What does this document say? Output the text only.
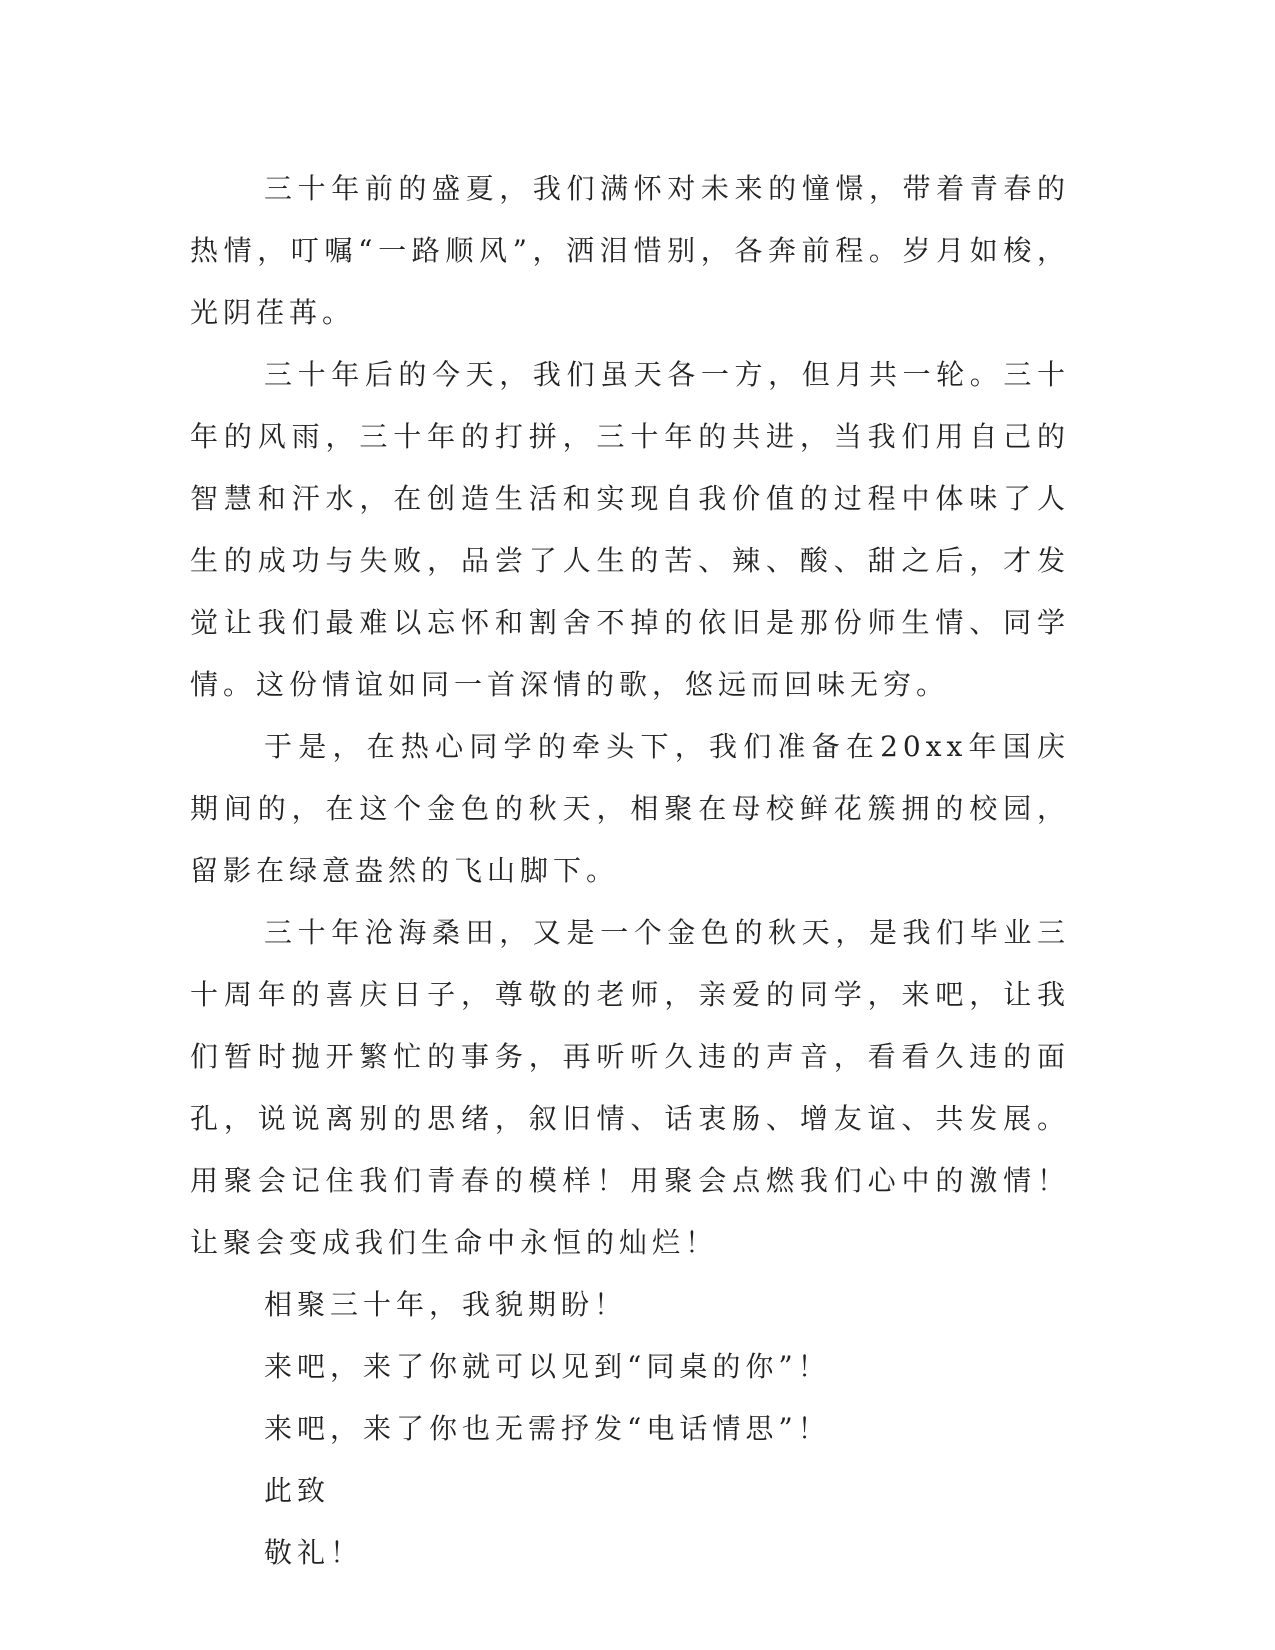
三十年前的盛夏，我们满怀对未来的憧憬，带着青春的热情，叮嘱“一路顺风”，洒泪惜别，各奔前程。岁月如梭，光阴荏苒。

三十年后的今天，我们虽天各一方，但月共一轮。三十年的风雨，三十年的打拼，三十年的共进，当我们用自己的智慧和汗水，在创造生活和实现自我价值的过程中体味了人生的成功与失败，品尝了人生的苦、辣、酸、甜之后，才发觉让我们最难以忘怀和割舍不掉的依旧是那份师生情、同学情。这份情谊如同一首深情的歌，悠远而回味无穷。

于是，在热心同学的牵头下，我们准备在20xx年国庆期间的，在这个金色的秋天，相聚在母校鲜花簇拥的校园，留影在绿意盎然的飞山脚下。

三十年沧海桑田，又是一个金色的秋天，是我们毕业三十周年的喜庆日子，尊敬的老师，亲爱的同学，来吧，让我们暂时抛开繁忙的事务，再听听久违的声音，看看久违的面孔，说说离别的思绪，叙旧情、话衷肠、增友谊、共发展。用聚会记住我们青春的模样！用聚会点燃我们心中的激情！让聚会变成我们生命中永恒的灿烂！

相聚三十年，我貌期盼！

来吧，来了你就可以见到“同桌的你”！

来吧，来了你也无需抒发“电话情思”！

此致

敬礼！
